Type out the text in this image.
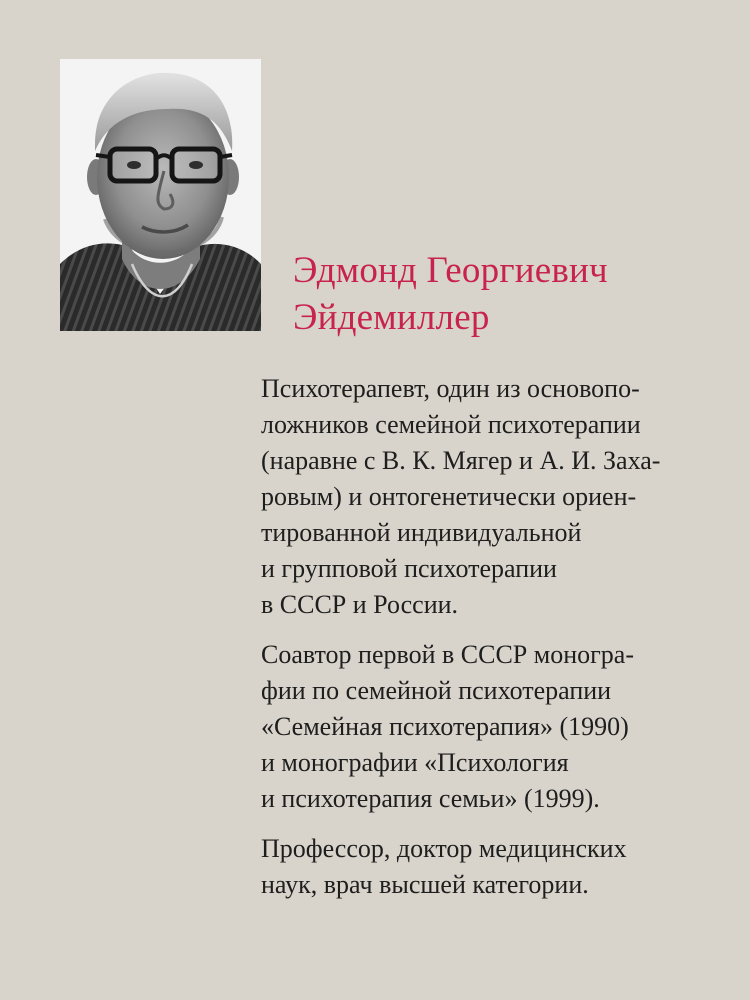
Эдмонд Георгиевич
Эйдемиллер

Психотерапевт, один из основопо-
ложников семейной психотерапии
(наравне с В. К. Мягер и А. И. Заха-
ровым) и онтогенетически ориен-
тированной индивидуальной
и групповой психотерапии
в СССР и России.

Соавтор первой в СССР моногра-
фии по семейной психотерапии
«Семейная психотерапия» (1990)
и монографии «Психология
и психотерапия семьи» (1999).

Профессор, доктор медицинских
наук, врач высшей категории.
